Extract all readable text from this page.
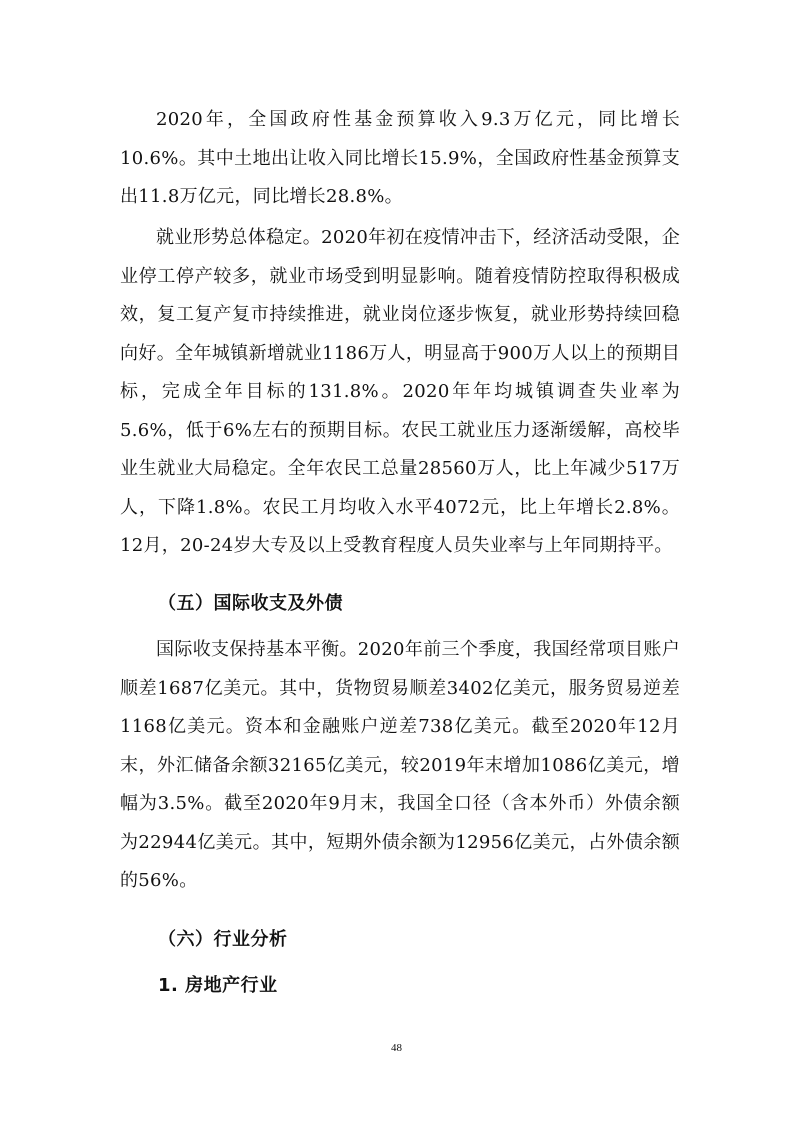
2020年，全国政府性基金预算收入9.3万亿元，同比增长10.6%。其中土地出让收入同比增长15.9%，全国政府性基金预算支出11.8万亿元，同比增长28.8%。

就业形势总体稳定。2020年初在疫情冲击下，经济活动受限，企业停工停产较多，就业市场受到明显影响。随着疫情防控取得积极成效，复工复产复市持续推进，就业岗位逐步恢复，就业形势持续回稳向好。全年城镇新增就业1186万人，明显高于900万人以上的预期目标，完成全年目标的131.8%。2020年年均城镇调查失业率为5.6%，低于6%左右的预期目标。农民工就业压力逐渐缓解，高校毕业生就业大局稳定。全年农民工总量28560万人，比上年减少517万人，下降1.8%。农民工月均收入水平4072元，比上年增长2.8%。12月，20-24岁大专及以上受教育程度人员失业率与上年同期持平。

（五）国际收支及外债

国际收支保持基本平衡。2020年前三个季度，我国经常项目账户顺差1687亿美元。其中，货物贸易顺差3402亿美元，服务贸易逆差1168亿美元。资本和金融账户逆差738亿美元。截至2020年12月末，外汇储备余额32165亿美元，较2019年末增加1086亿美元，增幅为3.5%。截至2020年9月末，我国全口径（含本外币）外债余额为22944亿美元。其中，短期外债余额为12956亿美元，占外债余额的56%。

（六）行业分析
1. 房地产行业
48
